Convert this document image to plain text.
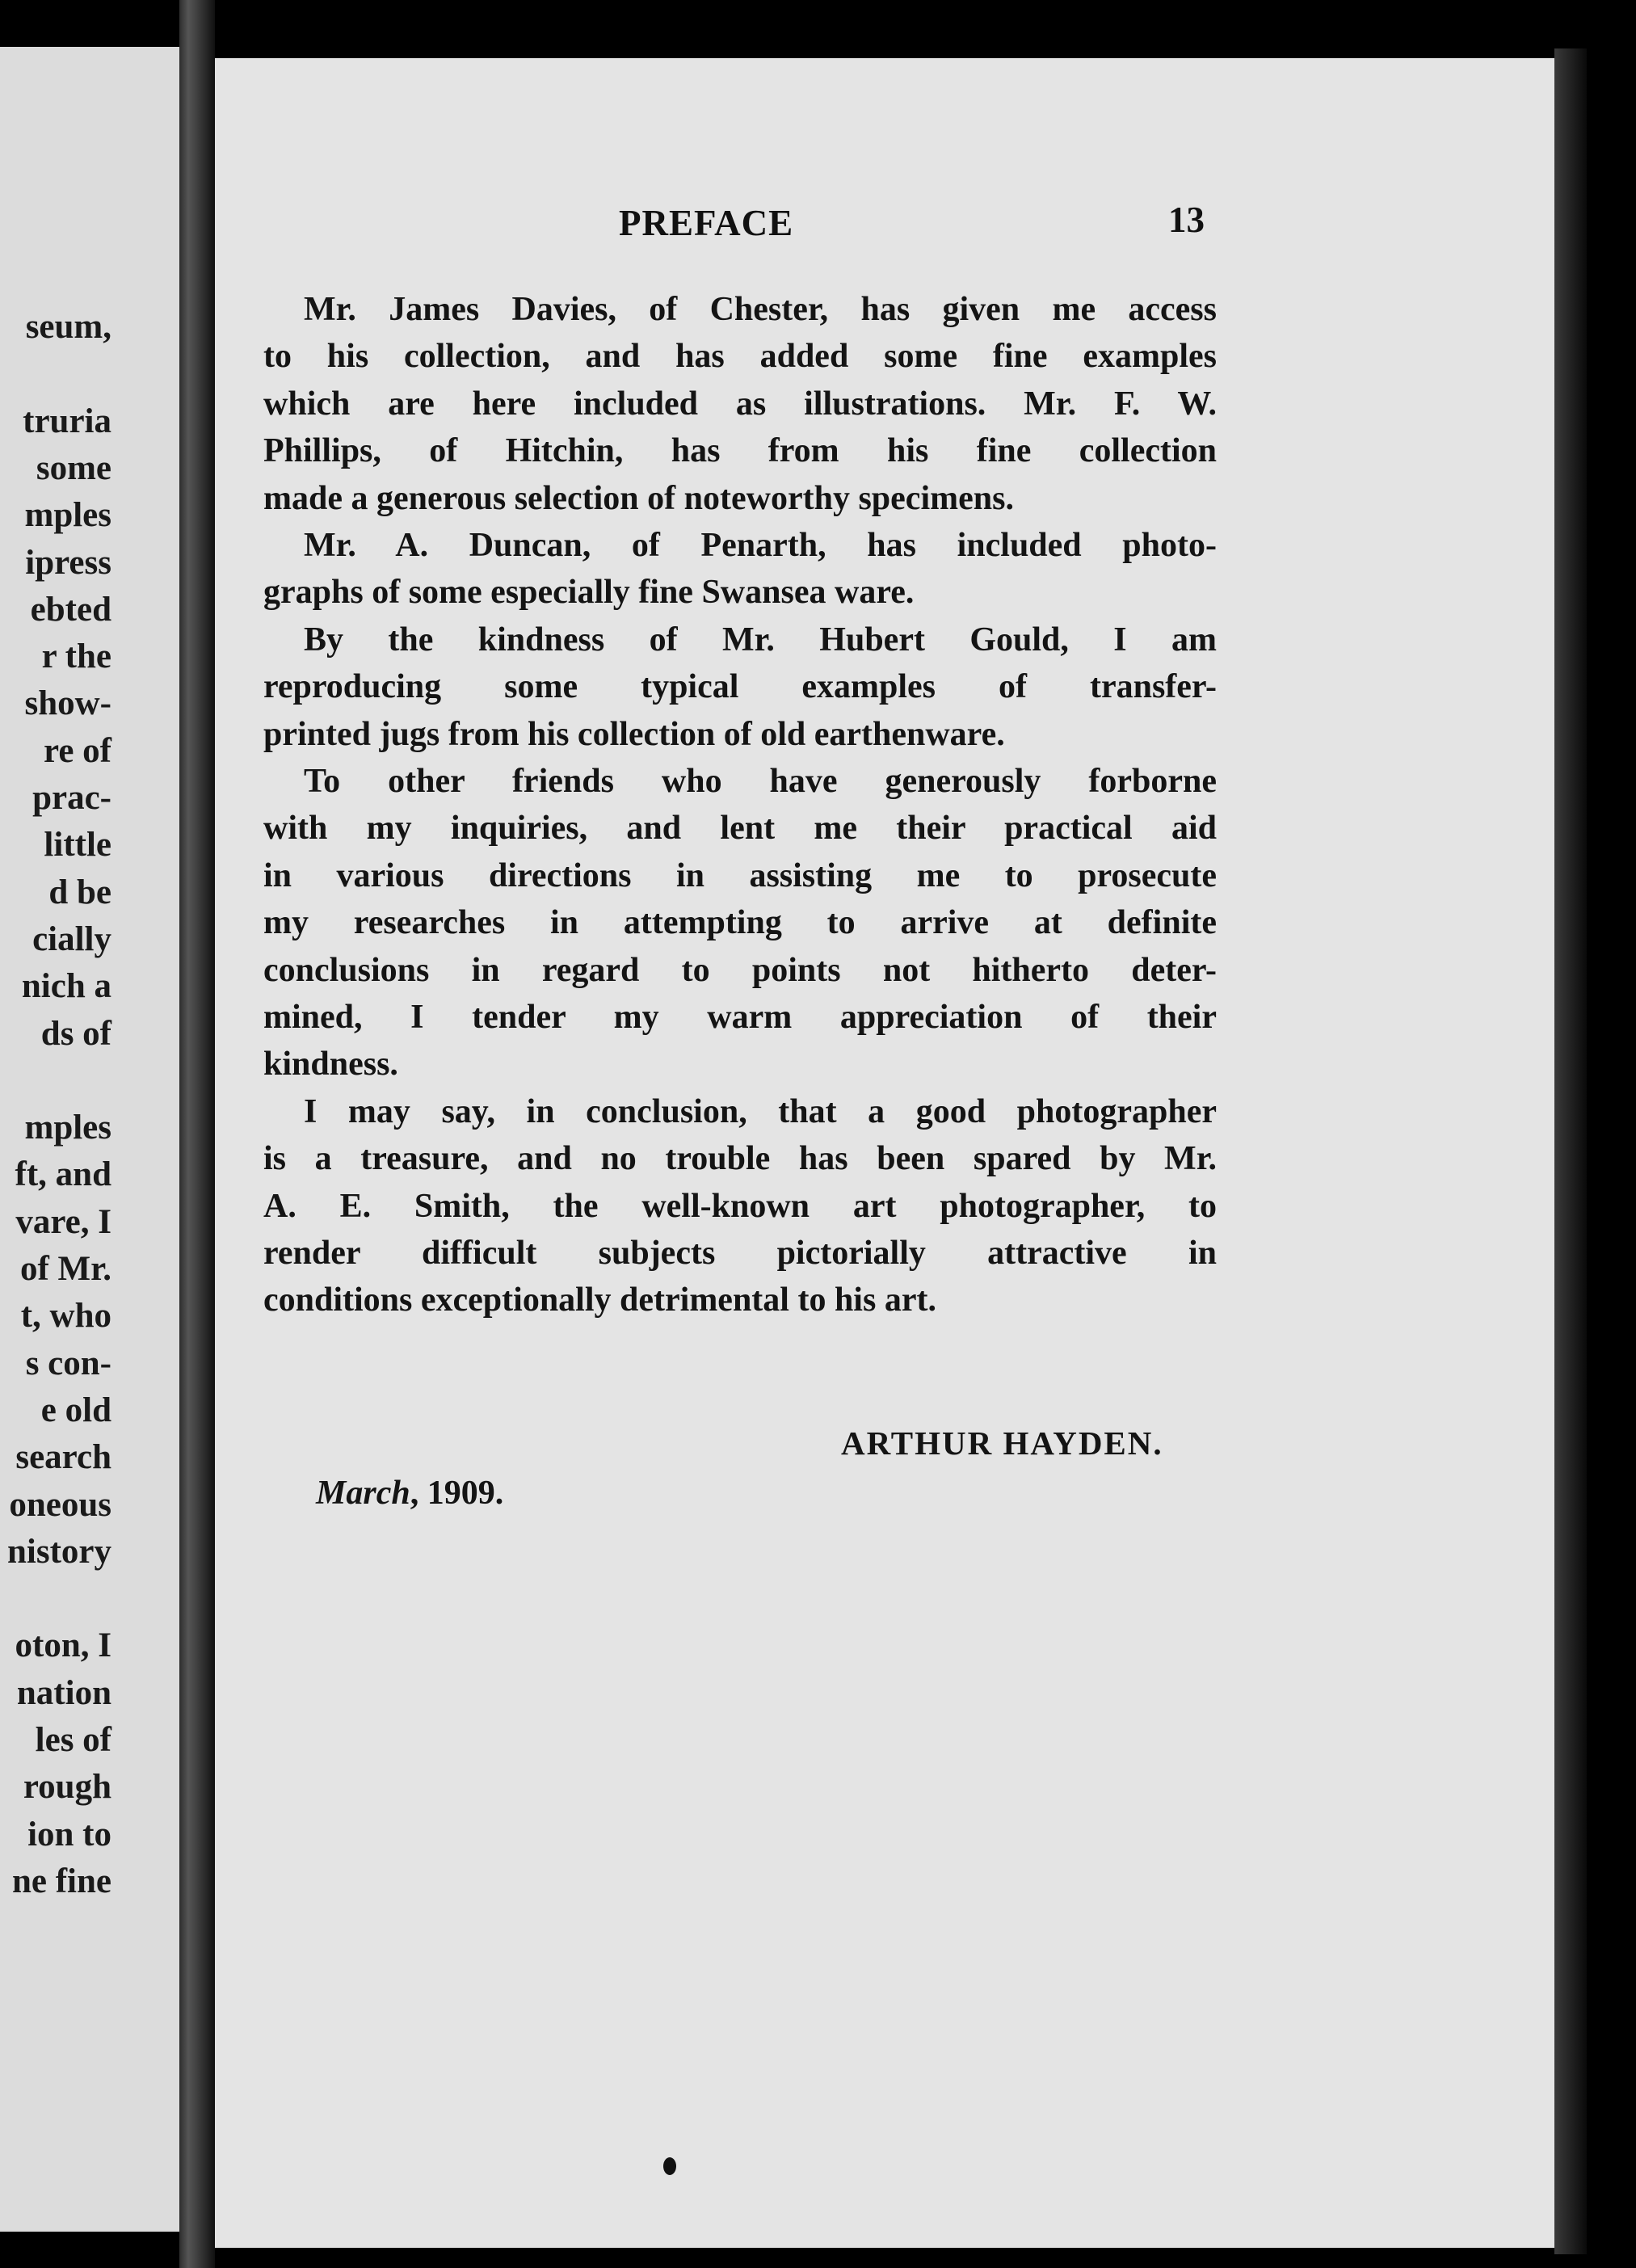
seum,
truria
some
mples
ipress
ebted
r the
show-
re of
prac-
little
d be
cially
nich a
ds of
mples
ft, and
vare, I
of Mr.
t, who
s con-
e old
search
oneous
nistory
oton, I
nation
les of
rough
ion to
ne fine
PREFACE	13
Mr. James Davies, of Chester, has given me access
to his collection, and has added some fine examples
which are here included as illustrations. Mr. F. W.
Phillips, of Hitchin, has from his fine collection
made a generous selection of noteworthy specimens.
Mr. A. Duncan, of Penarth, has included photo-
graphs of some especially fine Swansea ware.
By the kindness of Mr. Hubert Gould, I am
reproducing some typical examples of transfer-
printed jugs from his collection of old earthenware.
To other friends who have generously forborne
with my inquiries, and lent me their practical aid
in various directions in assisting me to prosecute
my researches in attempting to arrive at definite
conclusions in regard to points not hitherto deter-
mined, I tender my warm appreciation of their
kindness.
I may say, in conclusion, that a good photographer
is a treasure, and no trouble has been spared by Mr.
A. E. Smith, the well-known art photographer, to
render difficult subjects pictorially attractive in
conditions exceptionally detrimental to his art.
ARTHUR HAYDEN.
March, 1909.
